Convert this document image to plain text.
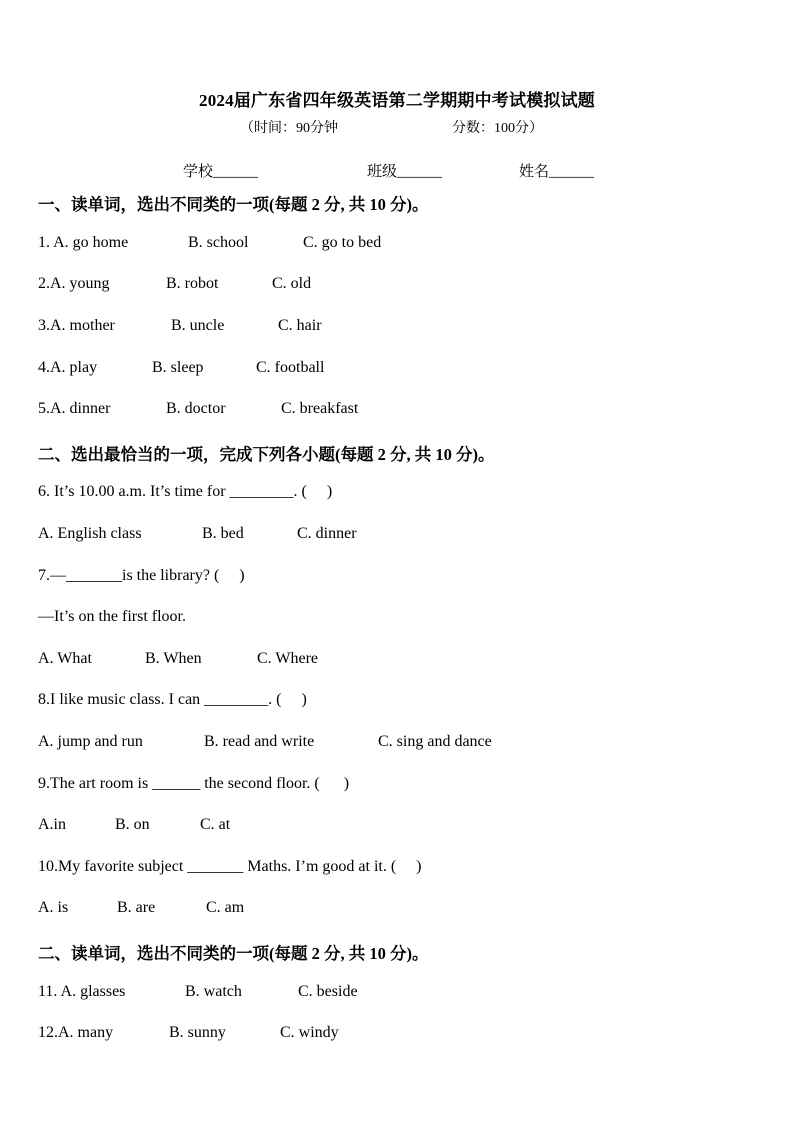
2024届广东省四年级英语第二学期期中考试模拟试题
（时间：90分钟	分数：100分）
学校______	班级______	姓名______
一、读单词，选出不同类的一项(每题 2 分, 共 10 分)。

1. A. go home

	B. school

	C. go to bed

2.A. young

	B. robot

	C. old

3.A. mother

	B. uncle

	C. hair

4.A. play

	B. sleep

	C. football

5.A. dinner

	B. doctor

	C. breakfast

二、选出最恰当的一项，完成下列各小题(每题 2 分, 共 10 分)。
6. It’s 10.00 a.m. It’s time for ________. (     )

A. English class

	B. bed

	C. dinner

7.—_______is the library? (     )
—It’s on the first floor.

A. What

	B. When

	C. Where

8.I like music class. I can ________. (     )

A. jump and run

	B. read and write

	C. sing and dance

9.The art room is ______ the second floor. (      )

A.in

	B. on

	C. at

10.My favorite subject _______ Maths. I’m good at it. (     )

A. is

	B. are

	C. am

二、读单词，选出不同类的一项(每题 2 分, 共 10 分)。

11. A. glasses

	B. watch

	C. beside

12.A. many

	B. sunny

	C. windy
